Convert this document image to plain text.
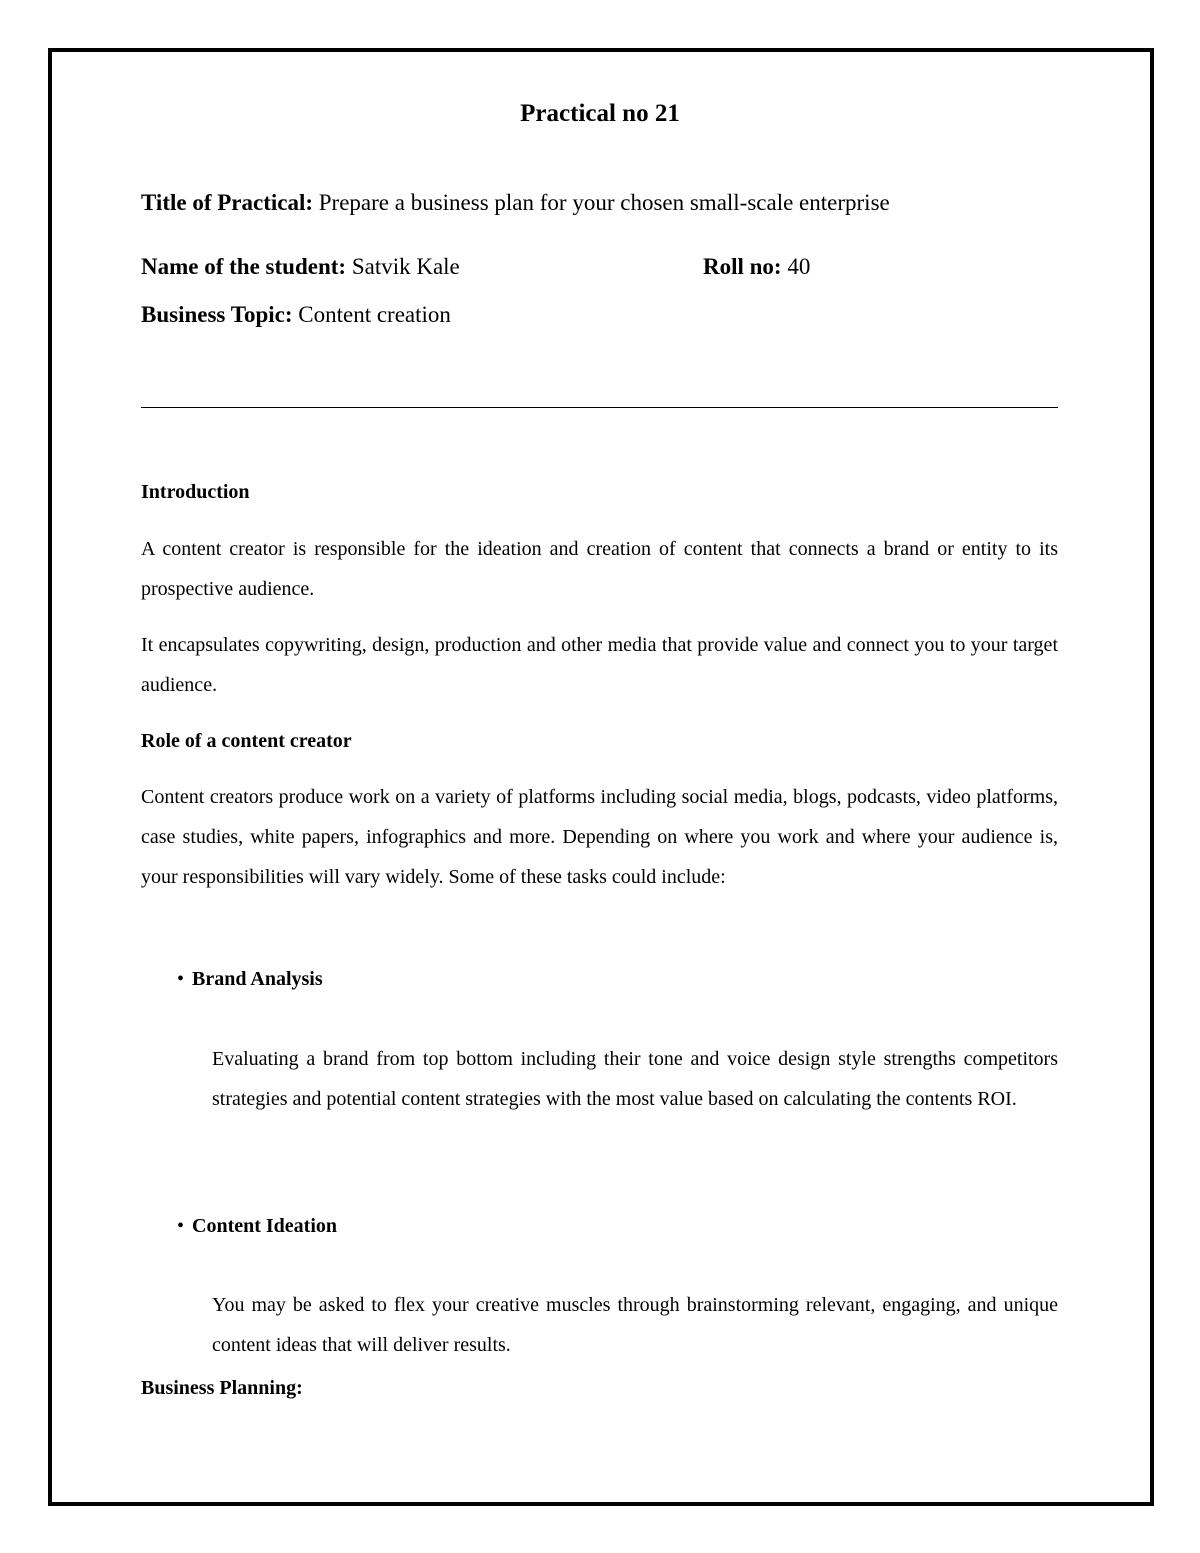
Practical no 21

Title of Practical: Prepare a business plan for your chosen small-scale enterprise

Name of the student: Satvik Kale	Roll no: 40

Business Topic: Content creation

Introduction

A content creator is responsible for the ideation and creation of content that connects a brand or entity to its prospective audience.

It encapsulates copywriting, design, production and other media that provide value and connect you to your target audience.

Role of a content creator

Content creators produce work on a variety of platforms including social media, blogs, podcasts, video platforms, case studies, white papers, infographics and more. Depending on where you work and where your audience is, your responsibilities will vary widely. Some of these tasks could include:

• Brand Analysis

Evaluating a brand from top bottom including their tone and voice design style strengths competitors strategies and potential content strategies with the most value based on calculating the contents ROI.

• Content Ideation

You may be asked to flex your creative muscles through brainstorming relevant, engaging, and unique content ideas that will deliver results.

Business Planning:
